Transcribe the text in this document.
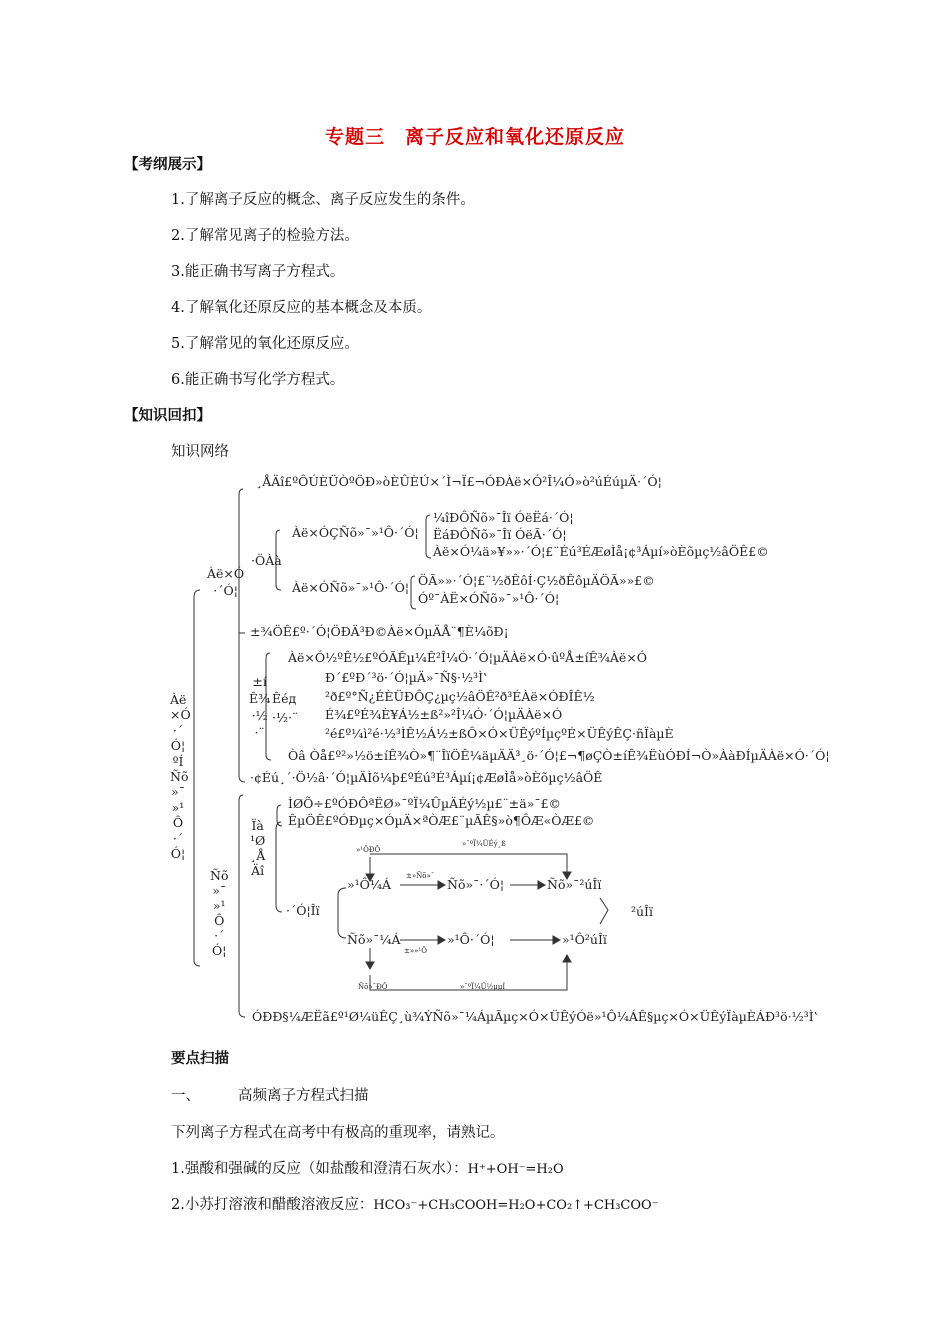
专题三　离子反应和氧化还原反应
【考纲展示】
1.了解离子反应的概念、离子反应发生的条件。
2.了解常见离子的检验方法。
3.能正确书写离子方程式。
4.了解氧化还原反应的基本概念及本质。
5.了解常见的氧化还原反应。
6.能正确书写化学方程式。
【知识回扣】
知识网络
Àë
×Ó
·´
Ó¦
ºÍ
Ñõ
»¯
»¹
Ô
·´
Ó¦
Àë×Ó
·´Ó¦
¸ÅÄî£ºÔÚÈÜÒºÖÐ»òÈÛÈÚ×´Ì¬Ï£¬ÓÐÀë×Ó²Î¼Ó»ò²úÉúµÄ·´Ó¦
·ÖÀà
Àë×ÓÇÑõ»¯»¹Ô·´Ó¦
¼îÐÔÑõ»¯Îï ÓëËá·´Ó¦
ËáÐÔÑõ»¯Îï ÓëÃ·´Ó¦
Àë×Ó¼ä»¥»»·´Ó¦£¨Éú³ÉÆøÌå¡¢³Áµí»òÈõµç½âÖÊ£©
Àë×ÓÑõ»¯»¹Ô·´Ó¦ ÖÃ»»·´Ó¦£¨½ðÊôÍ·Ç½ðÊôµÄÖÃ»»£©
Óº¯ÀË×ÓÑõ»¯»¹Ô·´Ó¦
±¾ÖÊ£º·´Ó¦ÖÐÄ³Ð©Àë×ÓµÄÅ¨¶È¼õÐ¡
±í
Ê¾
·½
·¨
Êéд
·½·¨
Àë×Ó½ºÊ½£ºÓÃÊµ¼Ê²Î¼Ó·´Ó¦µÄÀë×Ó·ûºÅ±íÊ¾Àë×Ó
Ð´£ºÐ´³ö·´Ó¦µÄ»¯Ñ§·½³Ìʽ
²ð£º°Ñ¿ÉÈÜÐÔÇ¿µç½âÖÊ²ð³ÉÀë×ÓÐÎÊ½
É¾£ºÉ¾È¥Á½±ß²»²Î¼Ó·´Ó¦µÄÀë×Ó
²é£º¼ì²é·½³ÌÊ½Á½±ßÔ×Ó×ÜÊýºÍµçºÉ×ÜÊýÊÇ·ñÏàµÈ
Òâ Òå£º²»½ö±íÊ¾Ò»¶¨ÎïÖÊ¼äµÄÄ³¸ö·´Ó¦£¬¶øÇÒ±íÊ¾ËùÓÐÍ¬Ò»ÀàÐÍµÄÀë×Ó·´Ó¦
·¢Éú¸´·Ö½â·´Ó¦µÄÌõ¼þ£ºÉú³É³Áµí¡¢ÆøÌå»òÈõµç½âÖÊ
Ñõ
»¯
»¹
Ô
·´
Ó¦
ÌØÕ÷£ºÓÐÔªËØ»¯ºÏ¼ÛµÄÉý½µ£¨±ä»¯£©
ÊµÖÊ£ºÓÐµç×ÓµÄ×ªÒÆ£¨µÃÊ§»ò¶ÔÆ«ÒÆ£©
Ïà
¹Ø
¸Å
Äî
·´Ó¦Îï
»¹Ô¼Á	Ñõ»¯·´Ó¦	Ñõ»¯²úÎï
²úÎï
Ñõ»¯¼Á	»¹Ô·´Ó¦	»¹Ô²úÎï
»¹ÔÐÔ
»¯ºÏ¼ÛÉý¸ß
±»Ñõ»¯
±»»¹Ô
Ñõ»¯ÐÔ	»¯ºÏ¼Û½µµÍ
ÓÐÐ§¼ÆËã£º¹Ø¼üÊÇ¸ù¾ÝÑõ»¯¼ÁµÃµç×Ó×ÜÊýÓë»¹Ô¼ÁÊ§µç×Ó×ÜÊýÏàµÈÁÐ³ö·½³Ìʽ
要点扫描
一、	高频离子方程式扫描
下列离子方程式在高考中有极高的重现率，请熟记。
1.强酸和强碱的反应（如盐酸和澄清石灰水）：H⁺+OH⁻=H₂O
2.小苏打溶液和醋酸溶液反应：HCO₃⁻+CH₃COOH=H₂O+CO₂↑+CH₃COO⁻
